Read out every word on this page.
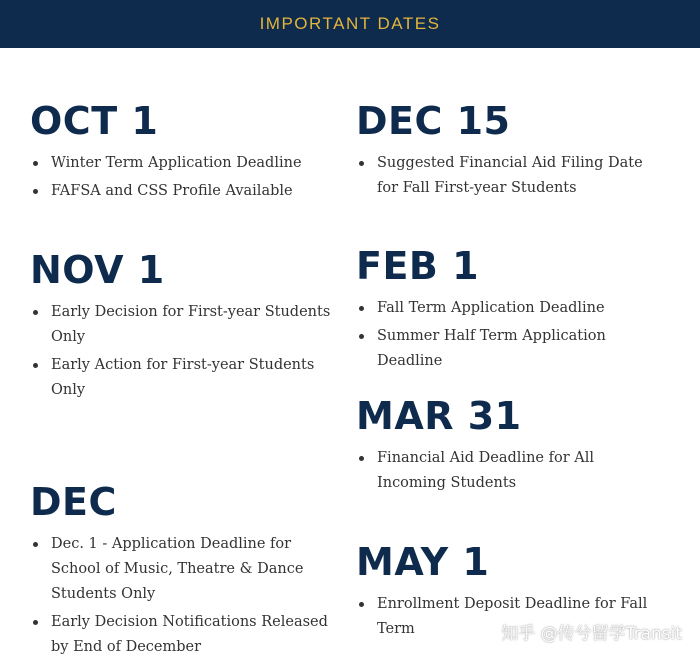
IMPORTANT DATES
OCT 1
Winter Term Application Deadline
FAFSA and CSS Profile Available
NOV 1
Early Decision for First-year Students Only
Early Action for First-year Students Only
DEC
Dec. 1 - Application Deadline for School of Music, Theatre & Dance Students Only
Early Decision Notifications Released by End of December
DEC 15
Suggested Financial Aid Filing Date for Fall First-year Students
FEB 1
Fall Term Application Deadline
Summer Half Term Application Deadline
MAR 31
Financial Aid Deadline for All Incoming Students
MAY 1
Enrollment Deposit Deadline for Fall Term	知乎 @传兮留学Transit
